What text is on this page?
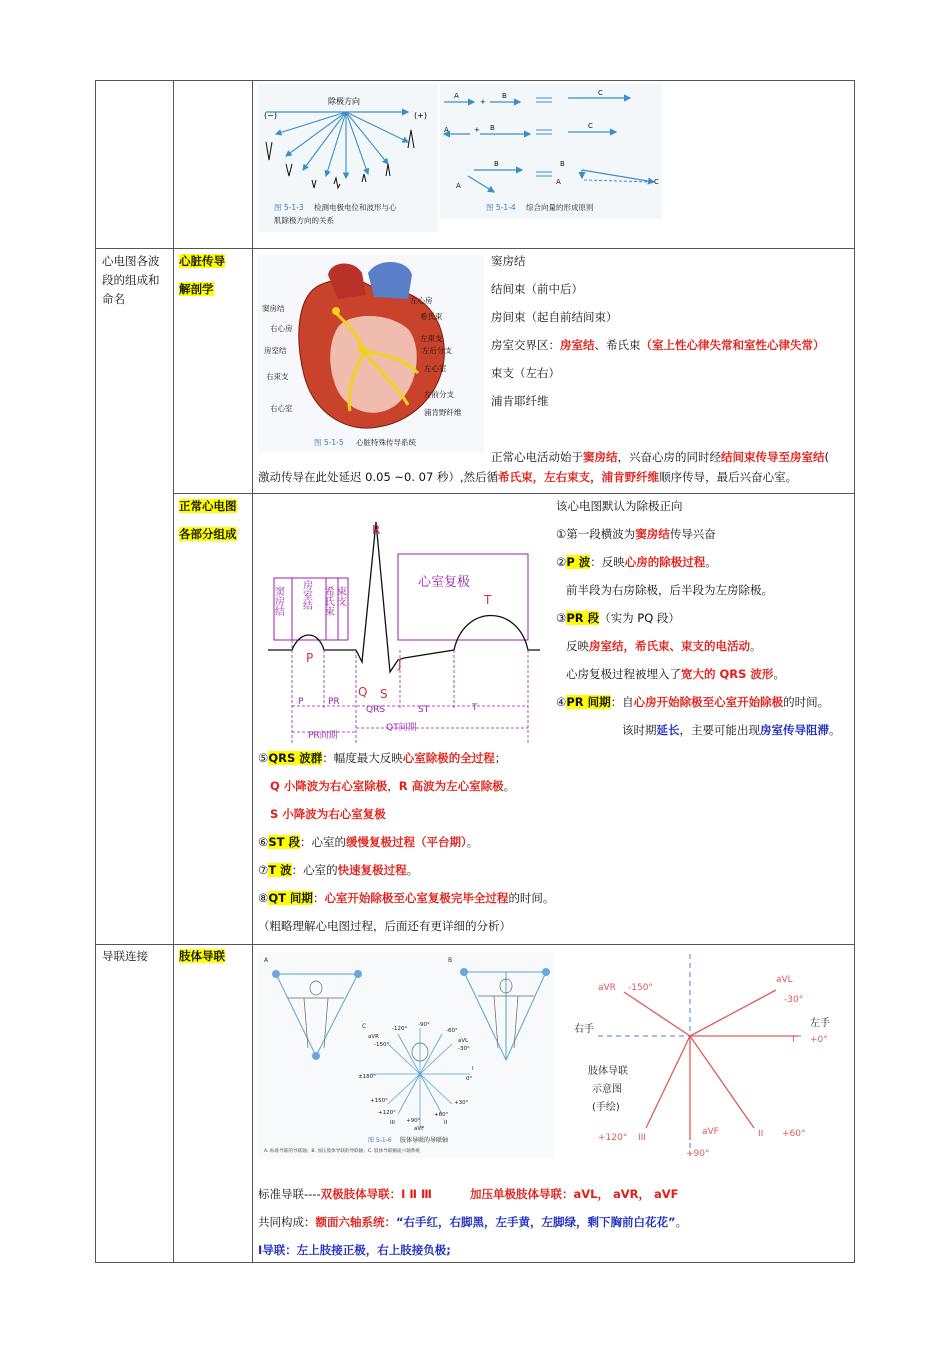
除极方向
(−)	(+)
图 5-1-3 检测电极电位和波形与心
肌除极方向的关系
A
+
B	C
A	+ B	C
B
A
B
A	C
图 5-1-4 综合向量的形成原则
心电图各波
段的组成和
命名
心脏传导
解剖学
窦房结
右心房
房室结
右束支
右心室
左心房
希氏束
左束支
左后分支
左心室
左前分支
浦肯野纤维
图 5-1-5 心脏特殊传导系统
窦房结
结间束（前中后）
房间束（起自前结间束）
房室交界区：房室结、希氏束（室上性心律失常和室性心律失常）
束支（左右）
浦肯耶纤维
正常心电活动始于窦房结，兴奋心房的同时经结间束传导至房室结(
激动传导在此处延迟 0.05 ~0. 07 秒）,然后循希氏束，左右束支，浦肯野纤维顺序传导，最后兴奋心室。
正常心电图
各部分组成
窦房结 房室结 希氏束 束支
心室复极
R
P
Q S
J
T
P	PR
QRS	ST	T
PR间期
QT间期
该心电图默认为除极正向
①第一段横波为窦房结传导兴奋
②P 波：反映心房的除极过程。
前半段为右房除极，后半段为左房除极。
③PR 段（实为 PQ 段）
反映房室结，希氏束、束支的电活动。
心房复极过程被埋入了宽大的 QRS 波形。
④PR 间期：自心房开始除极至心室开始除极的时间。
该时期延长，主要可能出现房室传导阻滞。
⑤QRS 波群：幅度最大反映心室除极的全过程；
Q 小降波为右心室除极，R 高波为左心室除极。
S 小降波为右心室复极
⑥ST 段：心室的缓慢复极过程（平台期）。
⑦T 波：心室的快速复极过程。
⑧QT 间期：心室开始除极至心室复极完毕全过程的时间。
（粗略理解心电图过程，后面还有更详细的分析）
导联连接	肢体导联	A	B
C	-120°
-90°
-60°
-150°
-30°
±180°	0°
+150°	+30°
+120°
+90°
+60°
aVR
aVL
aVF
I
II
III
图 5-1-6 肢体导联的导联轴
A. 标准导联的导联轴；B. 加压肢体导联的导联轴；C. 肢体导联额面六轴系统
aVR -150°
aVL
-30°
I +0°
III
+120°
aVF
+90°
II +60°
右手
左手
肢体导联
示意图
(手绘)
标准导联----双极肢体导联：Ⅰ Ⅱ Ⅲ	加压单极肢体导联：aVL， aVR， aVF
共同构成：额面六轴系统：“右手红，右脚黑，左手黄，左脚绿，剩下胸前白花花”。
Ⅰ导联：左上肢接正极，右上肢接负极;
